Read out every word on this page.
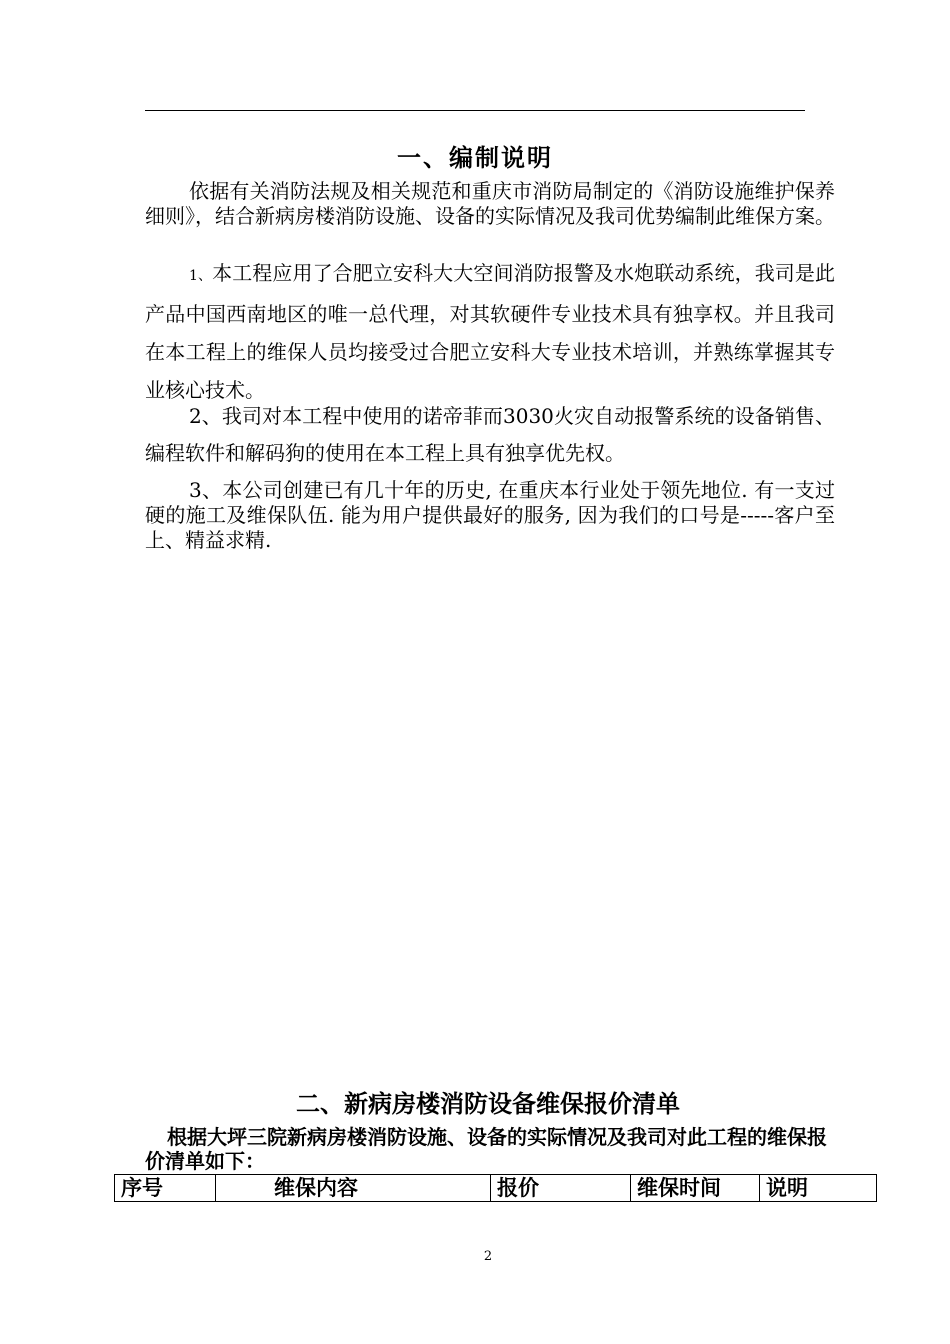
一、编制说明

依据有关消防法规及相关规范和重庆市消防局制定的《消防设施维护保养细则》，结合新病房楼消防设施、设备的实际情况及我司优势编制此维保方案。

1、本工程应用了合肥立安科大大空间消防报警及水炮联动系统，我司是此产品中国西南地区的唯一总代理，对其软硬件专业技术具有独享权。并且我司在本工程上的维保人员均接受过合肥立安科大专业技术培训，并熟练掌握其专业核心技术。

2、我司对本工程中使用的诺帝菲而3030火灾自动报警系统的设备销售、编程软件和解码狗的使用在本工程上具有独享优先权。

3、本公司创建已有几十年的历史, 在重庆本行业处于领先地位. 有一支过硬的施工及维保队伍. 能为用户提供最好的服务, 因为我们的口号是-----客户至上、精益求精.

二、新病房楼消防设备维保报价清单

根据大坪三院新病房楼消防设施、设备的实际情况及我司对此工程的维保报价清单如下：

序号	维保内容	报价	维保时间	说明
2
